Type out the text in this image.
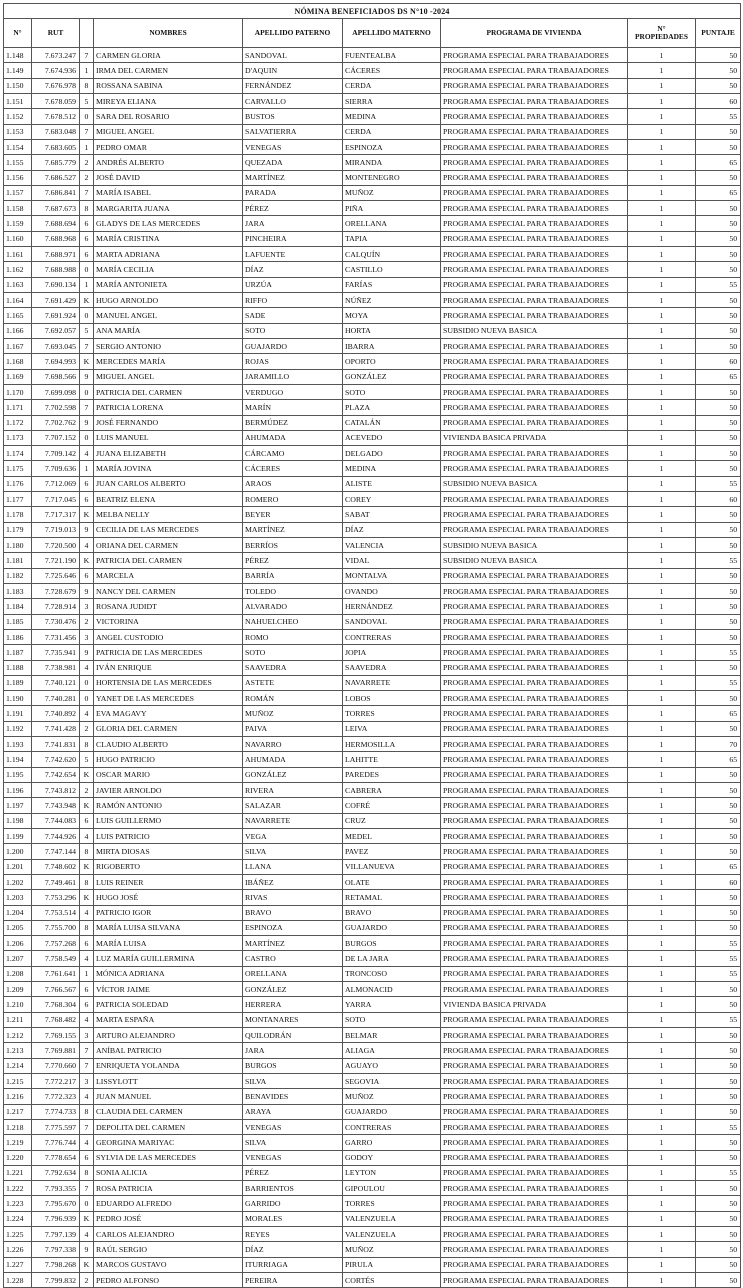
NÓMINA BENEFICIADOS DS N°10 -2024								
N°	RUT		NOMBRES	APELLIDO PATERNO	APELLIDO MATERNO	PROGRAMA DE VIVIENDA	N°
PROPIEDADES	PUNTAJE
1.148	7.673.247	7	CARMEN GLORIA	SANDOVAL	FUENTEALBA	PROGRAMA ESPECIAL PARA TRABAJADORES	1	50
1.149	7.674.936	1	IRMA DEL CARMEN	D'AQUIN	CÁCERES	PROGRAMA ESPECIAL PARA TRABAJADORES	1	50
1.150	7.676.978	8	ROSSANA SABINA	FERNÁNDEZ	CERDA	PROGRAMA ESPECIAL PARA TRABAJADORES	1	50
1.151	7.678.059	5	MIREYA ELIANA	CARVALLO	SIERRA	PROGRAMA ESPECIAL PARA TRABAJADORES	1	60
1.152	7.678.512	0	SARA DEL ROSARIO	BUSTOS	MEDINA	PROGRAMA ESPECIAL PARA TRABAJADORES	1	55
1.153	7.683.048	7	MIGUEL ANGEL	SALVATIERRA	CERDA	PROGRAMA ESPECIAL PARA TRABAJADORES	1	50
1.154	7.683.605	1	PEDRO OMAR	VENEGAS	ESPINOZA	PROGRAMA ESPECIAL PARA TRABAJADORES	1	50
1.155	7.685.779	2	ANDRÉS ALBERTO	QUEZADA	MIRANDA	PROGRAMA ESPECIAL PARA TRABAJADORES	1	65
1.156	7.686.527	2	JOSÉ DAVID	MARTÍNEZ	MONTENEGRO	PROGRAMA ESPECIAL PARA TRABAJADORES	1	50
1.157	7.686.841	7	MARÍA ISABEL	PARADA	MUÑOZ	PROGRAMA ESPECIAL PARA TRABAJADORES	1	65
1.158	7.687.673	8	MARGARITA JUANA	PÉREZ	PIÑA	PROGRAMA ESPECIAL PARA TRABAJADORES	1	50
1.159	7.688.694	6	GLADYS DE LAS MERCEDES	JARA	ORELLANA	PROGRAMA ESPECIAL PARA TRABAJADORES	1	50
1.160	7.688.968	6	MARÍA CRISTINA	PINCHEIRA	TAPIA	PROGRAMA ESPECIAL PARA TRABAJADORES	1	50
1.161	7.688.971	6	MARTA ADRIANA	LAFUENTE	CALQUÍN	PROGRAMA ESPECIAL PARA TRABAJADORES	1	50
1.162	7.688.988	0	MARÍA CECILIA	DÍAZ	CASTILLO	PROGRAMA ESPECIAL PARA TRABAJADORES	1	50
1.163	7.690.134	1	MARÍA ANTONIETA	URZÚA	FARÍAS	PROGRAMA ESPECIAL PARA TRABAJADORES	1	55
1.164	7.691.429	K	HUGO ARNOLDO	RIFFO	NÚÑEZ	PROGRAMA ESPECIAL PARA TRABAJADORES	1	50
1.165	7.691.924	0	MANUEL ANGEL	SADE	MOYA	PROGRAMA ESPECIAL PARA TRABAJADORES	1	50
1.166	7.692.057	5	ANA MARÍA	SOTO	HORTA	SUBSIDIO NUEVA BASICA	1	50
1.167	7.693.045	7	SERGIO ANTONIO	GUAJARDO	IBARRA	PROGRAMA ESPECIAL PARA TRABAJADORES	1	50
1.168	7.694.993	K	MERCEDES MARÍA	ROJAS	OPORTO	PROGRAMA ESPECIAL PARA TRABAJADORES	1	60
1.169	7.698.566	9	MIGUEL ANGEL	JARAMILLO	GONZÁLEZ	PROGRAMA ESPECIAL PARA TRABAJADORES	1	65
1.170	7.699.098	0	PATRICIA DEL CARMEN	VERDUGO	SOTO	PROGRAMA ESPECIAL PARA TRABAJADORES	1	50
1.171	7.702.598	7	PATRICIA LORENA	MARÍN	PLAZA	PROGRAMA ESPECIAL PARA TRABAJADORES	1	50
1.172	7.702.762	9	JOSÉ FERNANDO	BERMÚDEZ	CATALÁN	PROGRAMA ESPECIAL PARA TRABAJADORES	1	50
1.173	7.707.152	0	LUIS MANUEL	AHUMADA	ACEVEDO	VIVIENDA BASICA PRIVADA	1	50
1.174	7.709.142	4	JUANA ELIZABETH	CÁRCAMO	DELGADO	PROGRAMA ESPECIAL PARA TRABAJADORES	1	50
1.175	7.709.636	1	MARÍA JOVINA	CÁCERES	MEDINA	PROGRAMA ESPECIAL PARA TRABAJADORES	1	50
1.176	7.712.069	6	JUAN CARLOS ALBERTO	ARAOS	ALISTE	SUBSIDIO NUEVA BASICA	1	55
1.177	7.717.045	6	BEATRIZ ELENA	ROMERO	COREY	PROGRAMA ESPECIAL PARA TRABAJADORES	1	60
1.178	7.717.317	K	MELBA NELLY	BEYER	SABAT	PROGRAMA ESPECIAL PARA TRABAJADORES	1	50
1.179	7.719.013	9	CECILIA DE LAS MERCEDES	MARTÍNEZ	DÍAZ	PROGRAMA ESPECIAL PARA TRABAJADORES	1	50
1.180	7.720.500	4	ORIANA DEL CARMEN	BERRÍOS	VALENCIA	SUBSIDIO NUEVA BASICA	1	50
1.181	7.721.190	K	PATRICIA DEL CARMEN	PÉREZ	VIDAL	SUBSIDIO NUEVA BASICA	1	55
1.182	7.725.646	6	MARCELA	BARRÍA	MONTALVA	PROGRAMA ESPECIAL PARA TRABAJADORES	1	50
1.183	7.728.679	9	NANCY DEL CARMEN	TOLEDO	OVANDO	PROGRAMA ESPECIAL PARA TRABAJADORES	1	50
1.184	7.728.914	3	ROSANA JUDIDT	ALVARADO	HERNÁNDEZ	PROGRAMA ESPECIAL PARA TRABAJADORES	1	50
1.185	7.730.476	2	VICTORINA	NAHUELCHEO	SANDOVAL	PROGRAMA ESPECIAL PARA TRABAJADORES	1	50
1.186	7.731.456	3	ANGEL CUSTODIO	ROMO	CONTRERAS	PROGRAMA ESPECIAL PARA TRABAJADORES	1	50
1.187	7.735.941	9	PATRICIA DE LAS MERCEDES	SOTO	JOPIA	PROGRAMA ESPECIAL PARA TRABAJADORES	1	55
1.188	7.738.981	4	IVÁN ENRIQUE	SAAVEDRA	SAAVEDRA	PROGRAMA ESPECIAL PARA TRABAJADORES	1	50
1.189	7.740.121	0	HORTENSIA DE LAS MERCEDES	ASTETE	NAVARRETE	PROGRAMA ESPECIAL PARA TRABAJADORES	1	55
1.190	7.740.281	0	YANET DE LAS MERCEDES	ROMÁN	LOBOS	PROGRAMA ESPECIAL PARA TRABAJADORES	1	50
1.191	7.740.892	4	EVA MAGAVY	MUÑOZ	TORRES	PROGRAMA ESPECIAL PARA TRABAJADORES	1	65
1.192	7.741.428	2	GLORIA DEL CARMEN	PAIVA	LEIVA	PROGRAMA ESPECIAL PARA TRABAJADORES	1	50
1.193	7.741.831	8	CLAUDIO ALBERTO	NAVARRO	HERMOSILLA	PROGRAMA ESPECIAL PARA TRABAJADORES	1	70
1.194	7.742.620	5	HUGO PATRICIO	AHUMADA	LAHITTE	PROGRAMA ESPECIAL PARA TRABAJADORES	1	65
1.195	7.742.654	K	OSCAR MARIO	GONZÁLEZ	PAREDES	PROGRAMA ESPECIAL PARA TRABAJADORES	1	50
1.196	7.743.812	2	JAVIER ARNOLDO	RIVERA	CABRERA	PROGRAMA ESPECIAL PARA TRABAJADORES	1	50
1.197	7.743.948	K	RAMÓN ANTONIO	SALAZAR	COFRÉ	PROGRAMA ESPECIAL PARA TRABAJADORES	1	50
1.198	7.744.083	6	LUIS GUILLERMO	NAVARRETE	CRUZ	PROGRAMA ESPECIAL PARA TRABAJADORES	1	50
1.199	7.744.926	4	LUIS PATRICIO	VEGA	MEDEL	PROGRAMA ESPECIAL PARA TRABAJADORES	1	50
1.200	7.747.144	8	MIRTA DIOSAS	SILVA	PAVEZ	PROGRAMA ESPECIAL PARA TRABAJADORES	1	50
1.201	7.748.602	K	RIGOBERTO	LLANA	VILLANUEVA	PROGRAMA ESPECIAL PARA TRABAJADORES	1	65
1.202	7.749.461	8	LUIS REINER	IBÁÑEZ	OLATE	PROGRAMA ESPECIAL PARA TRABAJADORES	1	60
1.203	7.753.296	K	HUGO JOSÉ	RIVAS	RETAMAL	PROGRAMA ESPECIAL PARA TRABAJADORES	1	50
1.204	7.753.514	4	PATRICIO IGOR	BRAVO	BRAVO	PROGRAMA ESPECIAL PARA TRABAJADORES	1	50
1.205	7.755.700	8	MARÍA LUISA SILVANA	ESPINOZA	GUAJARDO	PROGRAMA ESPECIAL PARA TRABAJADORES	1	50
1.206	7.757.268	6	MARÍA LUISA	MARTÍNEZ	BURGOS	PROGRAMA ESPECIAL PARA TRABAJADORES	1	55
1.207	7.758.549	4	LUZ MARÍA GUILLERMINA	CASTRO	DE LA JARA	PROGRAMA ESPECIAL PARA TRABAJADORES	1	55
1.208	7.761.641	1	MÓNICA ADRIANA	ORELLANA	TRONCOSO	PROGRAMA ESPECIAL PARA TRABAJADORES	1	55
1.209	7.766.567	6	VÍCTOR JAIME	GONZÁLEZ	ALMONACID	PROGRAMA ESPECIAL PARA TRABAJADORES	1	50
1.210	7.768.304	6	PATRICIA SOLEDAD	HERRERA	YARRA	VIVIENDA BASICA PRIVADA	1	50
1.211	7.768.482	4	MARTA ESPAÑA	MONTANARES	SOTO	PROGRAMA ESPECIAL PARA TRABAJADORES	1	55
1.212	7.769.155	3	ARTURO ALEJANDRO	QUILODRÁN	BELMAR	PROGRAMA ESPECIAL PARA TRABAJADORES	1	50
1.213	7.769.881	7	ANÍBAL PATRICIO	JARA	ALIAGA	PROGRAMA ESPECIAL PARA TRABAJADORES	1	50
1.214	7.770.660	7	ENRIQUETA YOLANDA	BURGOS	AGUAYO	PROGRAMA ESPECIAL PARA TRABAJADORES	1	50
1.215	7.772.217	3	LISSYLOTT	SILVA	SEGOVIA	PROGRAMA ESPECIAL PARA TRABAJADORES	1	50
1.216	7.772.323	4	JUAN MANUEL	BENAVIDES	MUÑOZ	PROGRAMA ESPECIAL PARA TRABAJADORES	1	50
1.217	7.774.733	8	CLAUDIA DEL CARMEN	ARAYA	GUAJARDO	PROGRAMA ESPECIAL PARA TRABAJADORES	1	50
1.218	7.775.597	7	DEPOLITA DEL CARMEN	VENEGAS	CONTRERAS	PROGRAMA ESPECIAL PARA TRABAJADORES	1	55
1.219	7.776.744	4	GEORGINA MARIYAC	SILVA	GARRO	PROGRAMA ESPECIAL PARA TRABAJADORES	1	50
1.220	7.778.654	6	SYLVIA DE LAS MERCEDES	VENEGAS	GODOY	PROGRAMA ESPECIAL PARA TRABAJADORES	1	50
1.221	7.792.634	8	SONIA ALICIA	PÉREZ	LEYTON	PROGRAMA ESPECIAL PARA TRABAJADORES	1	55
1.222	7.793.355	7	ROSA PATRICIA	BARRIENTOS	GIPOULOU	PROGRAMA ESPECIAL PARA TRABAJADORES	1	50
1.223	7.795.670	0	EDUARDO ALFREDO	GARRIDO	TORRES	PROGRAMA ESPECIAL PARA TRABAJADORES	1	50
1.224	7.796.939	K	PEDRO JOSÉ	MORALES	VALENZUELA	PROGRAMA ESPECIAL PARA TRABAJADORES	1	50
1.225	7.797.139	4	CARLOS ALEJANDRO	REYES	VALENZUELA	PROGRAMA ESPECIAL PARA TRABAJADORES	1	50
1.226	7.797.338	9	RAÚL SERGIO	DÍAZ	MUÑOZ	PROGRAMA ESPECIAL PARA TRABAJADORES	1	50
1.227	7.798.268	K	MARCOS GUSTAVO	ITURRIAGA	PIRULA	PROGRAMA ESPECIAL PARA TRABAJADORES	1	50
1.228	7.799.832	2	PEDRO ALFONSO	PEREIRA	CORTÉS	PROGRAMA ESPECIAL PARA TRABAJADORES	1	50
